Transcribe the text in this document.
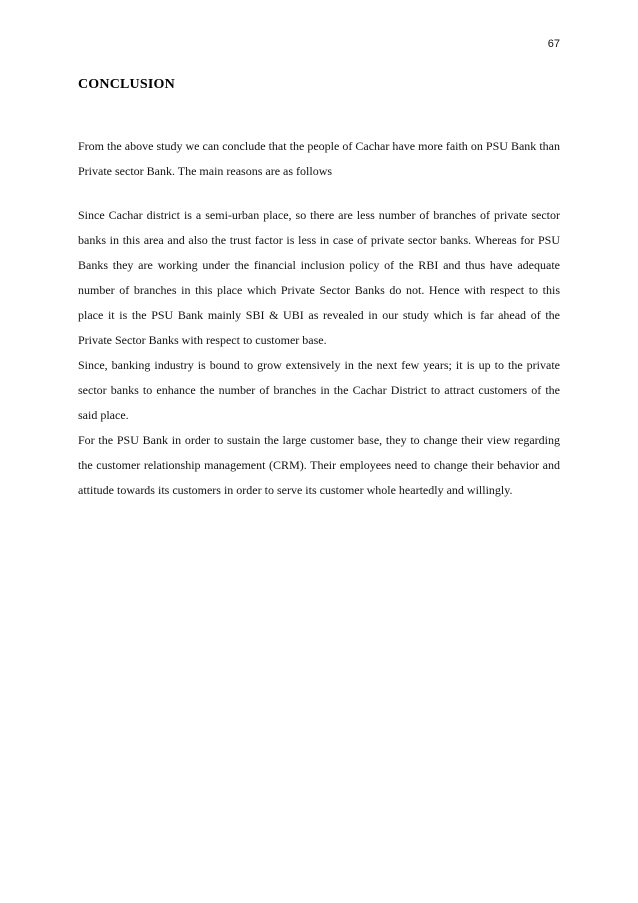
67
CONCLUSION

From the above study we can conclude that the people of Cachar have more faith on PSU Bank than Private sector Bank. The main reasons are as follows

Since Cachar district is a semi-urban place, so there are less number of branches of private sector banks in this area and also the trust factor is less in case of private sector banks. Whereas for PSU Banks they are working under the financial inclusion policy of the RBI and thus have adequate number of branches in this place which Private Sector Banks do not. Hence with respect to this place it is the PSU Bank mainly SBI & UBI as revealed in our study which is far ahead of the Private Sector Banks with respect to customer base.

Since, banking industry is bound to grow extensively in the next few years; it is up to the private sector banks to enhance the number of branches in the Cachar District to attract customers of the said place.

For the PSU Bank in order to sustain the large customer base, they to change their view regarding the customer relationship management (CRM). Their employees need to change their behavior and attitude towards its customers in order to serve its customer whole heartedly and willingly.
